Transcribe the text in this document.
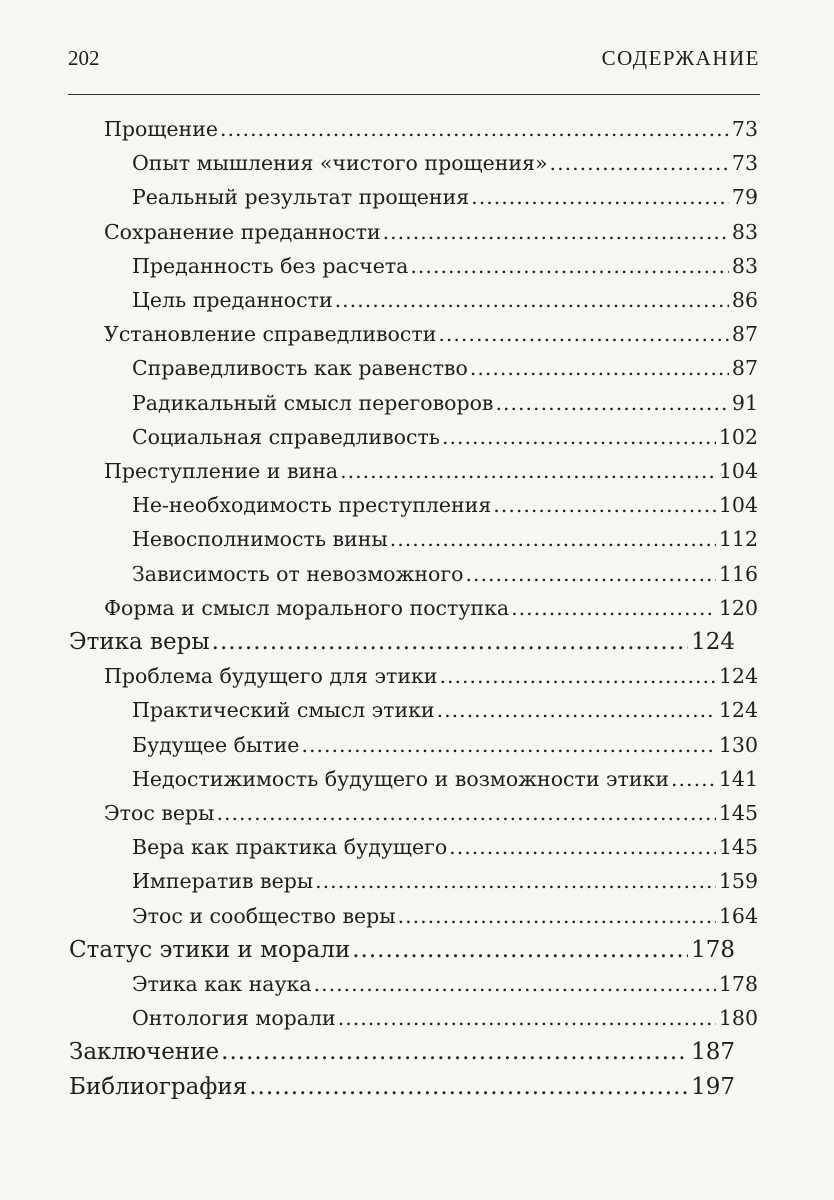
202	СОДЕРЖАНИЕ
Прощение .....	73
Опыт мышления «чистого прощения» .....	73
Реальный результат прощения .....	79
Сохранение преданности .....	83
Преданность без расчета .....	83
Цель преданности .....	86
Установление справедливости .....	87
Справедливость как равенство .....	87
Радикальный смысл переговоров .....	91
Социальная справедливость .....	102
Преступление и вина .....	104
Не-необходимость преступления .....	104
Невосполнимость вины .....	112
Зависимость от невозможного .....	116
Форма и смысл морального поступка .....	120
Этика веры .....	124
Проблема будущего для этики .....	124
Практический смысл этики .....	124
Будущее бытие .....	130
Недостижимость будущего и возможности этики ..... 141
Этос веры .....	145
Вера как практика будущего .....	145
Императив веры .....	159
Этос и сообщество веры .....	164
Статус этики и морали .....	178
Этика как наука .....	178
Онтология морали .....	180
Заключение .....	187
Библиография .....	197
